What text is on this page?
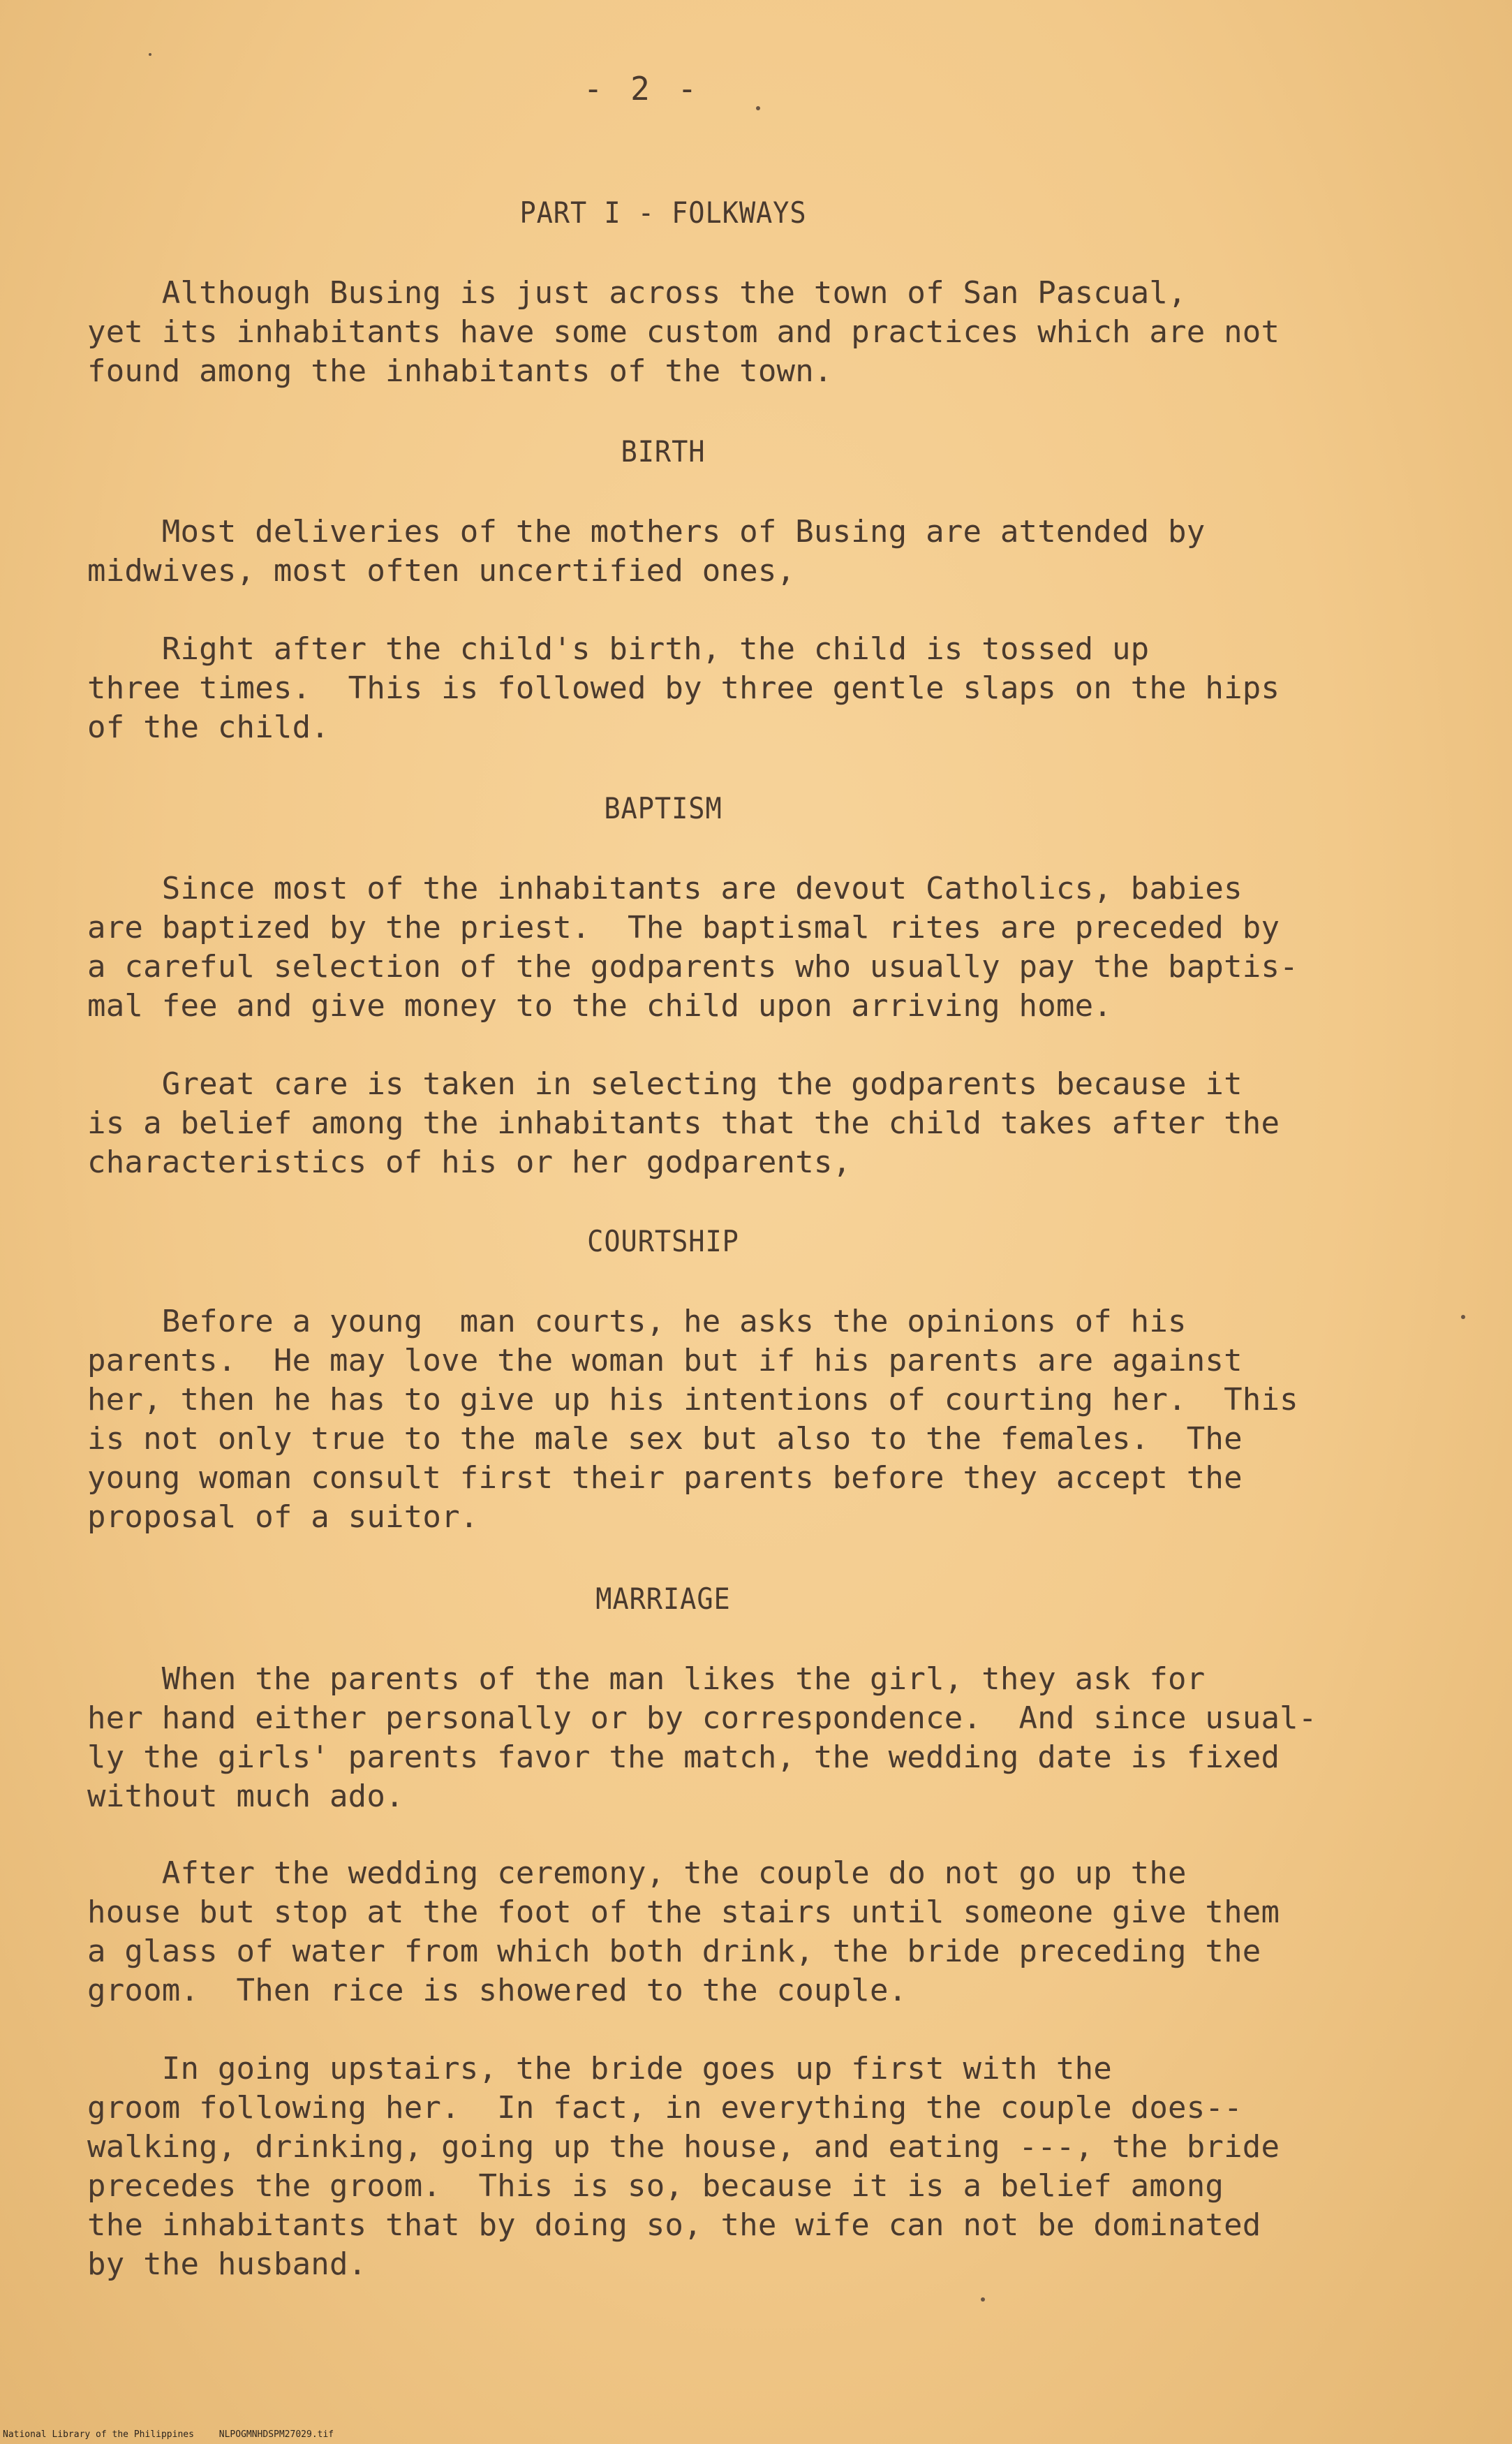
- 2 -
PART I - FOLKWAYS
Although Busing is just across the town of San Pascual,
yet its inhabitants have some custom and practices which are not
found among the inhabitants of the town.
BIRTH
Most deliveries of the mothers of Busing are attended by
midwives, most often uncertified ones,
Right after the child's birth, the child is tossed up
three times.  This is followed by three gentle slaps on the hips
of the child.
BAPTISM
Since most of the inhabitants are devout Catholics, babies
are baptized by the priest.  The baptismal rites are preceded by
a careful selection of the godparents who usually pay the baptis-
mal fee and give money to the child upon arriving home.
Great care is taken in selecting the godparents because it
is a belief among the inhabitants that the child takes after the
characteristics of his or her godparents,
COURTSHIP
Before a young  man courts, he asks the opinions of his
parents.  He may love the woman but if his parents are against
her, then he has to give up his intentions of courting her.  This
is not only true to the male sex but also to the females.  The
young woman consult first their parents before they accept the
proposal of a suitor.
MARRIAGE
When the parents of the man likes the girl, they ask for
her hand either personally or by correspondence.  And since usual-
ly the girls' parents favor the match, the wedding date is fixed
without much ado.
After the wedding ceremony, the couple do not go up the
house but stop at the foot of the stairs until someone give them
a glass of water from which both drink, the bride preceding the
groom.  Then rice is showered to the couple.
In going upstairs, the bride goes up first with the
groom following her.  In fact, in everything the couple does--
walking, drinking, going up the house, and eating ---, the bride
precedes the groom.  This is so, because it is a belief among
the inhabitants that by doing so, the wife can not be dominated
by the husband.
National Library of the Philippines	NLPOGMNHDSPM27029.tif
